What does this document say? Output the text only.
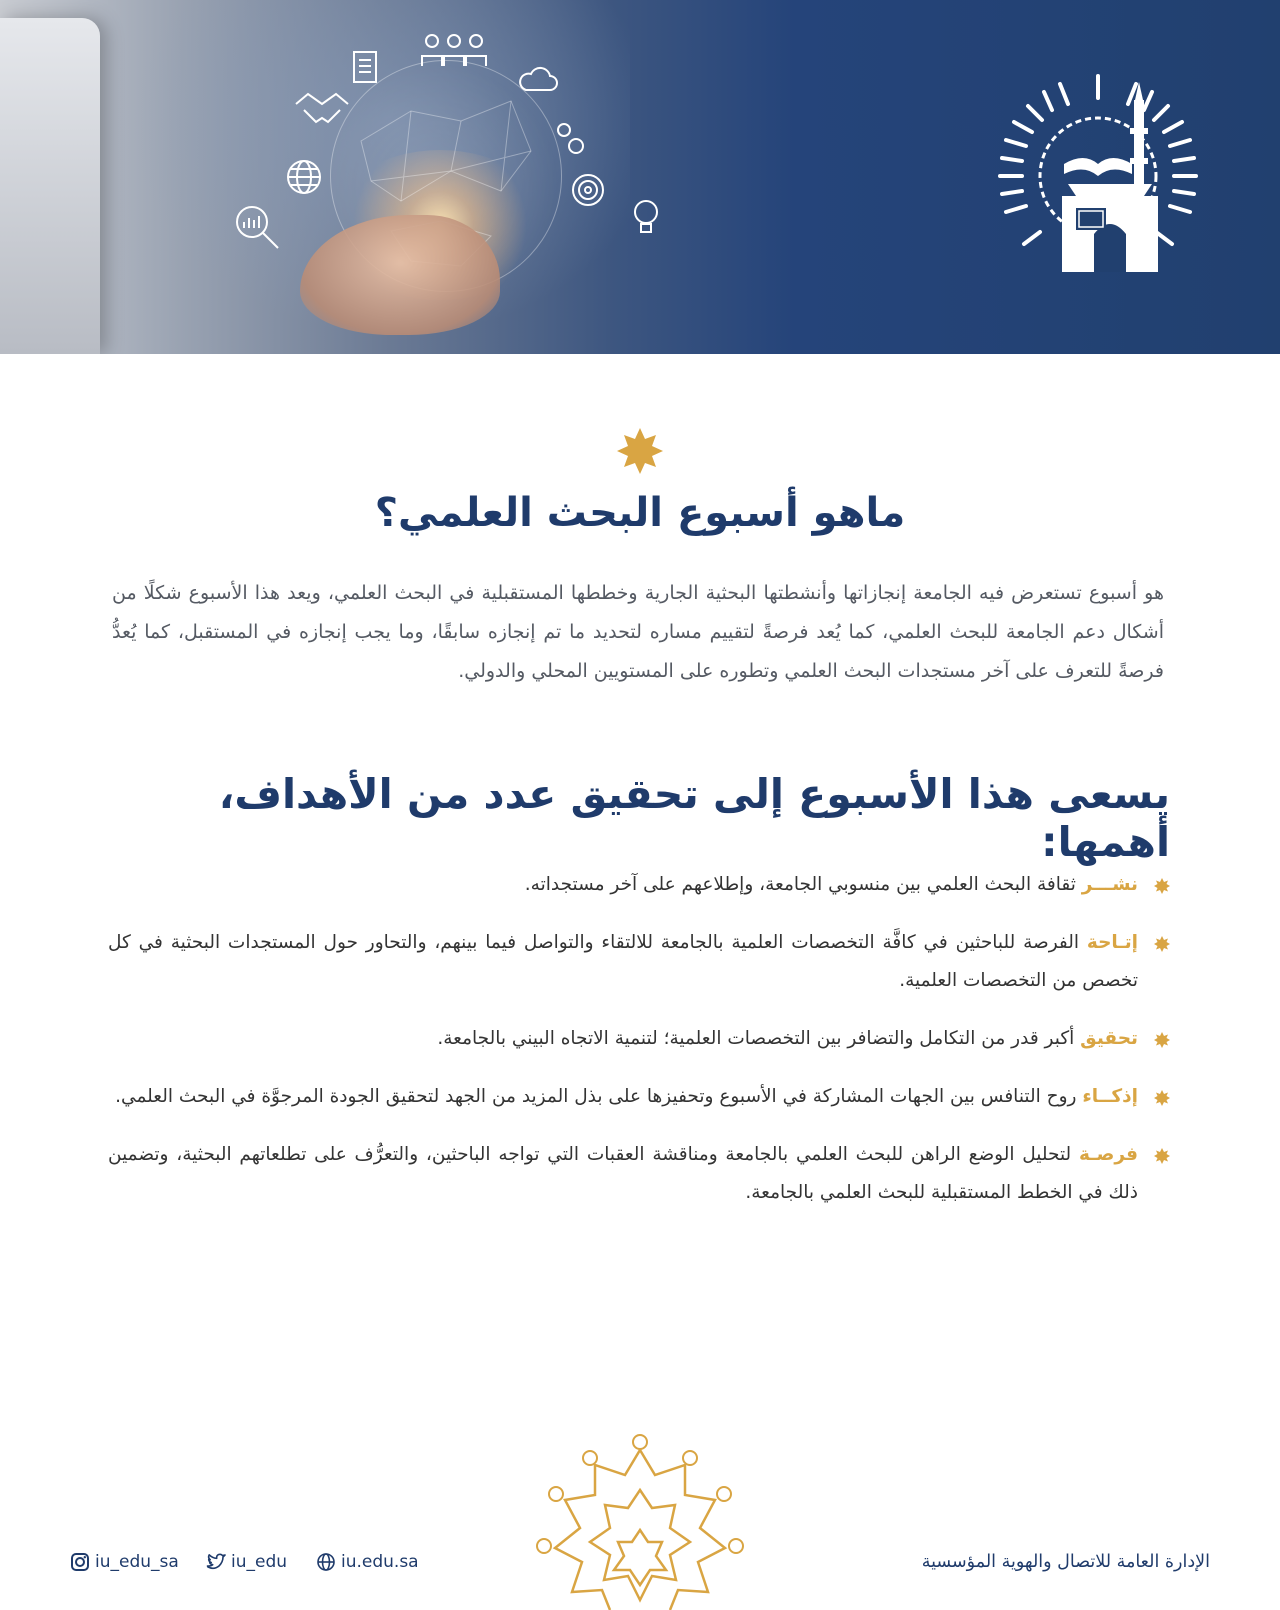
ماهو أسبوع البحث العلمي؟

هو أسبوع تستعرض فيه الجامعة إنجازاتها وأنشطتها البحثية الجارية وخططها المستقبلية في البحث العلمي، ويعد هذا الأسبوع شكلًا من أشكال دعم الجامعة للبحث العلمي، كما يُعد فرصةً لتقييم مساره لتحديد ما تم إنجازه سابقًا، وما يجب إنجازه في المستقبل، كما يُعدُّ فرصةً للتعرف على آخر مستجدات البحث العلمي وتطوره على المستويين المحلي والدولي.

يسعى هذا الأسبوع إلى تحقيق عدد من الأهداف، أهمها:
نشـــر ثقافة البحث العلمي بين منسوبي الجامعة، وإطلاعهم على آخر مستجداته.
إتـاحة الفرصة للباحثين في كافَّة التخصصات العلمية بالجامعة للالتقاء والتواصل فيما بينهم، والتحاور حول المستجدات البحثية في كل تخصص من التخصصات العلمية.
تحقيق أكبر قدر من التكامل والتضافر بين التخصصات العلمية؛ لتنمية الاتجاه البيني بالجامعة.
إذكــاء روح التنافس بين الجهات المشاركة في الأسبوع وتحفيزها على بذل المزيد من الجهد لتحقيق الجودة المرجوَّة في البحث العلمي.
فرصـة لتحليل الوضع الراهن للبحث العلمي بالجامعة ومناقشة العقبات التي تواجه الباحثين، والتعرُّف على تطلعاتهم البحثية، وتضمين ذلك في الخطط المستقبلية للبحث العلمي بالجامعة.

الإدارة العامة للاتصال والهوية المؤسسية

iu_edu_sa	iu_edu	iu.edu.sa
